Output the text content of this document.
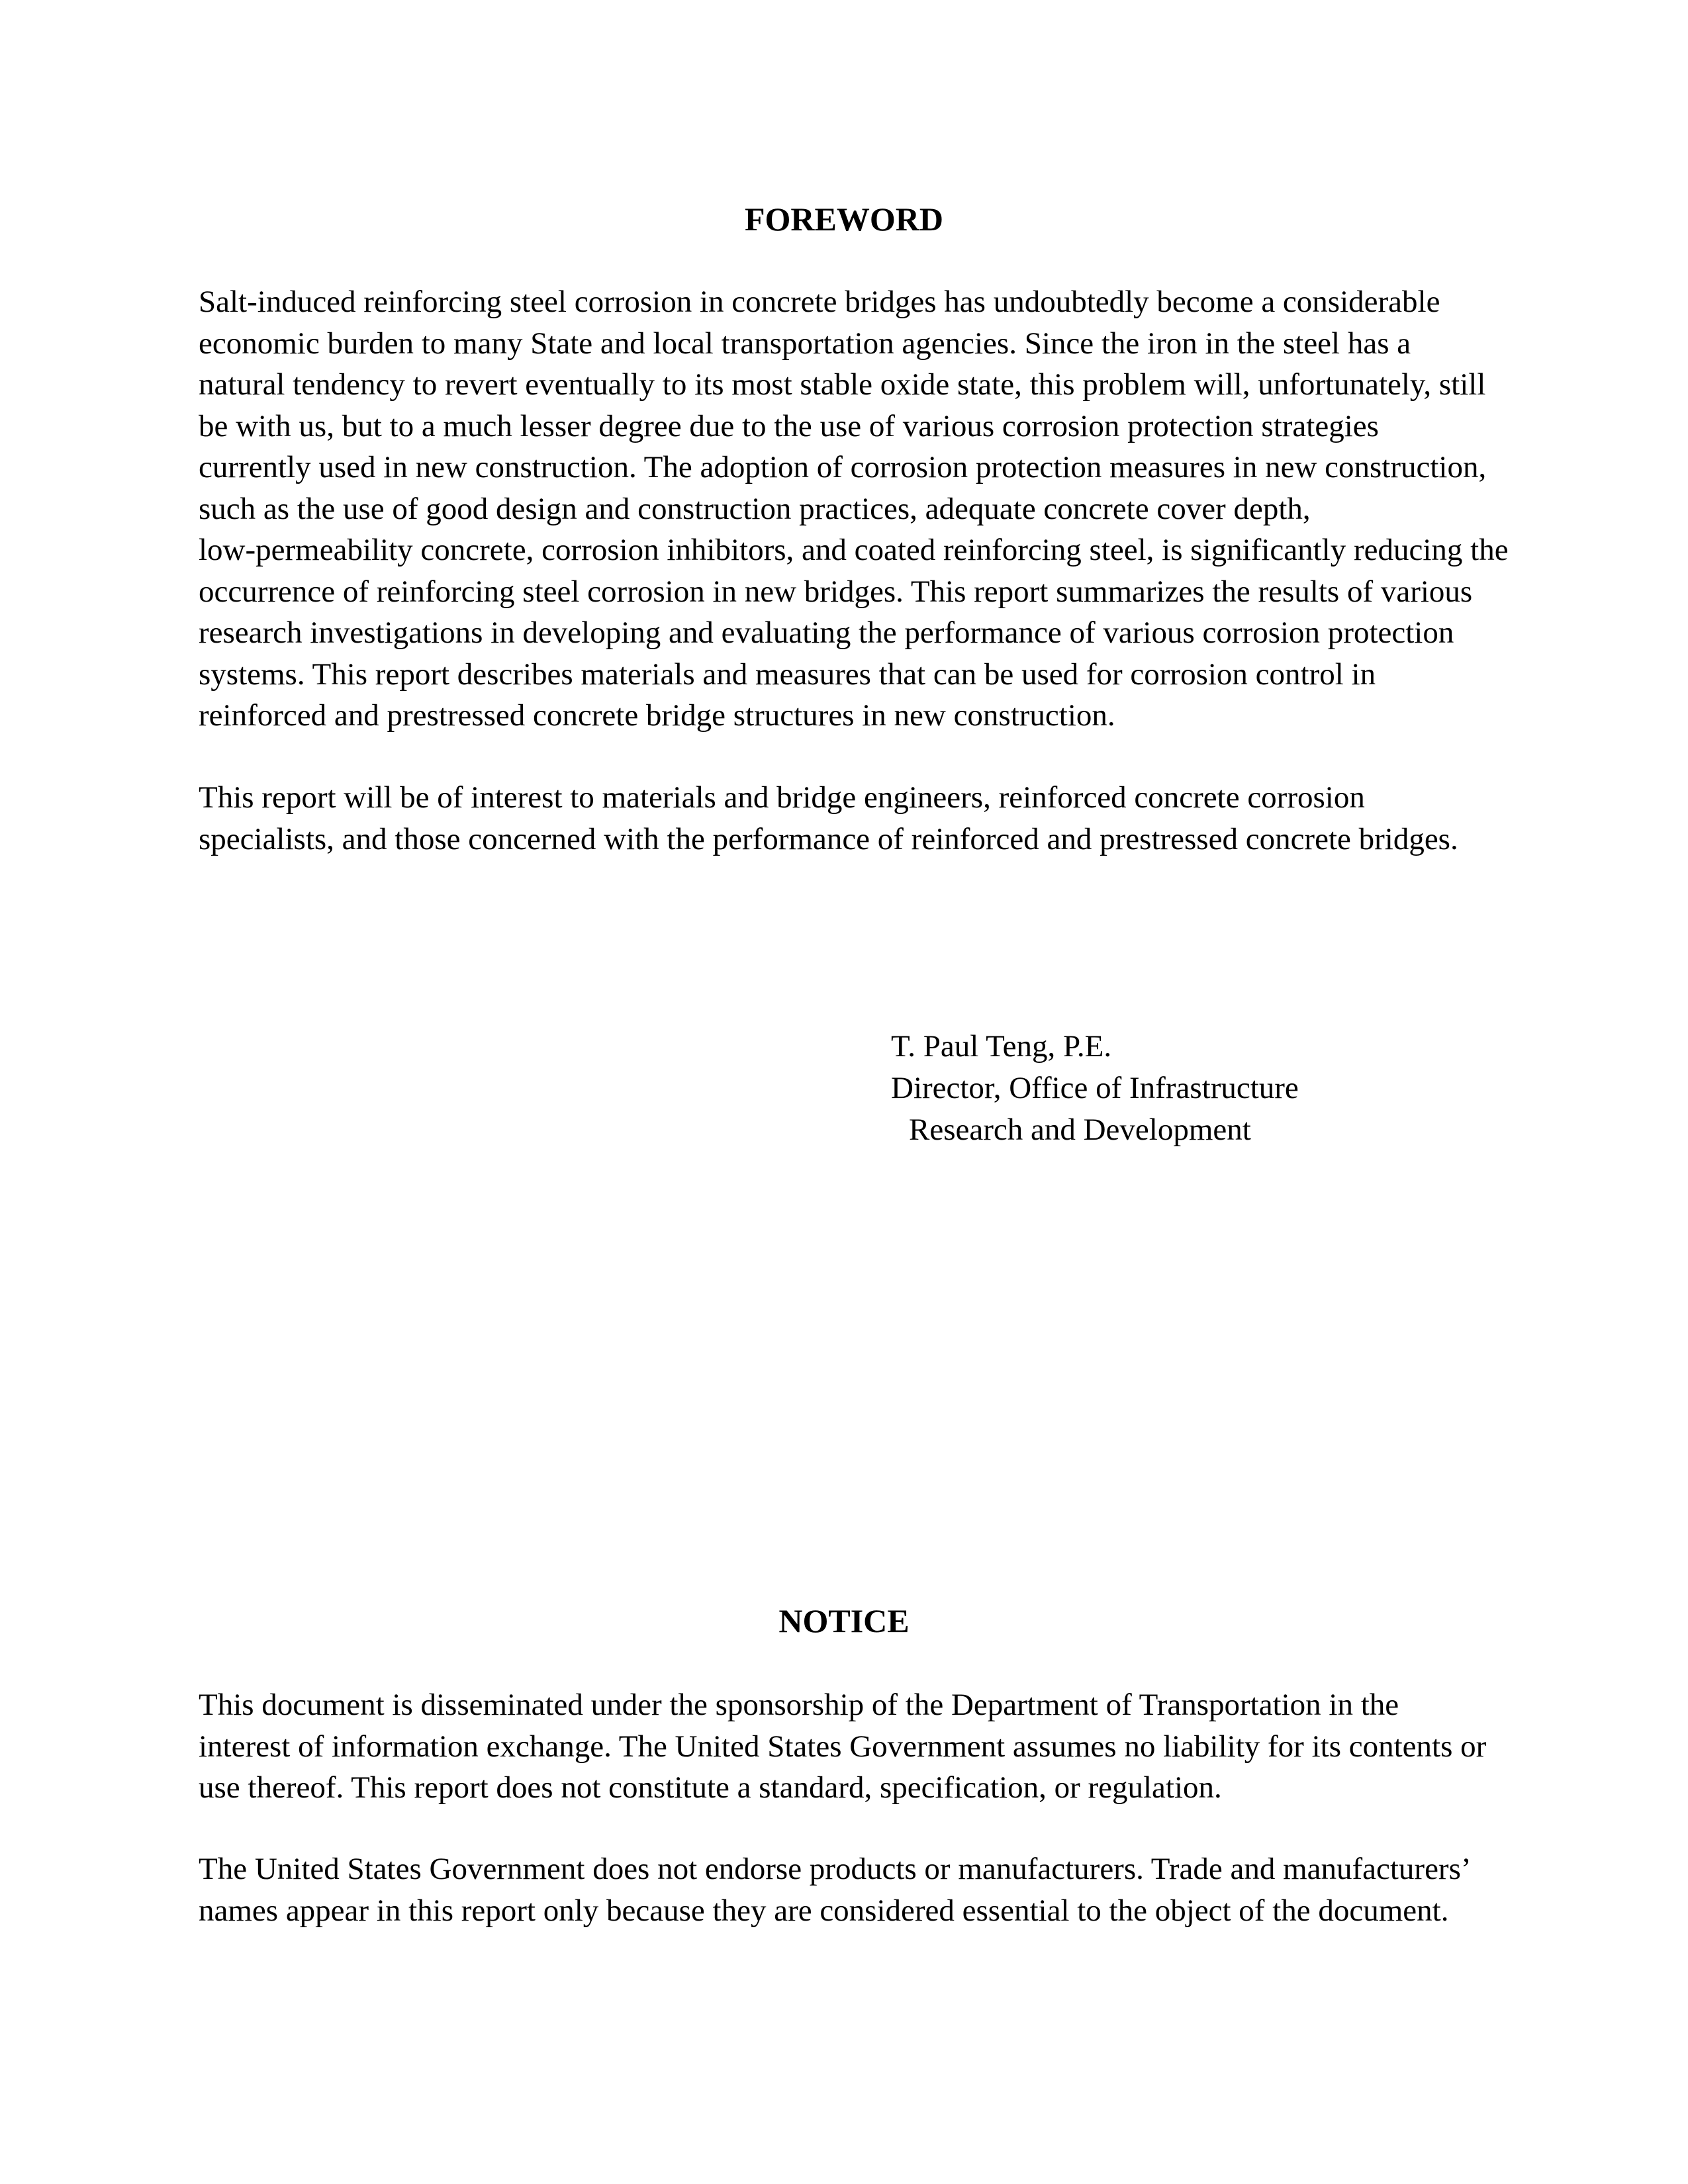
FOREWORD

Salt-induced reinforcing steel corrosion in concrete bridges has undoubtedly become a considerable
economic burden to many State and local transportation agencies. Since the iron in the steel has a
natural tendency to revert eventually to its most stable oxide state, this problem will, unfortunately, still
be with us, but to a much lesser degree due to the use of various corrosion protection strategies
currently used in new construction. The adoption of corrosion protection measures in new construction,
such as the use of good design and construction practices, adequate concrete cover depth,
low-permeability concrete, corrosion inhibitors, and coated reinforcing steel, is significantly reducing the
occurrence of reinforcing steel corrosion in new bridges. This report summarizes the results of various
research investigations in developing and evaluating the performance of various corrosion protection
systems. This report describes materials and measures that can be used for corrosion control in
reinforced and prestressed concrete bridge structures in new construction.

This report will be of interest to materials and bridge engineers, reinforced concrete corrosion
specialists, and those concerned with the performance of reinforced and prestressed concrete bridges.

T. Paul Teng, P.E.
Director, Office of Infrastructure
Research and Development
NOTICE

This document is disseminated under the sponsorship of the Department of Transportation in the
interest of information exchange. The United States Government assumes no liability for its contents or
use thereof. This report does not constitute a standard, specification, or regulation.

The United States Government does not endorse products or manufacturers. Trade and manufacturers’
names appear in this report only because they are considered essential to the object of the document.
